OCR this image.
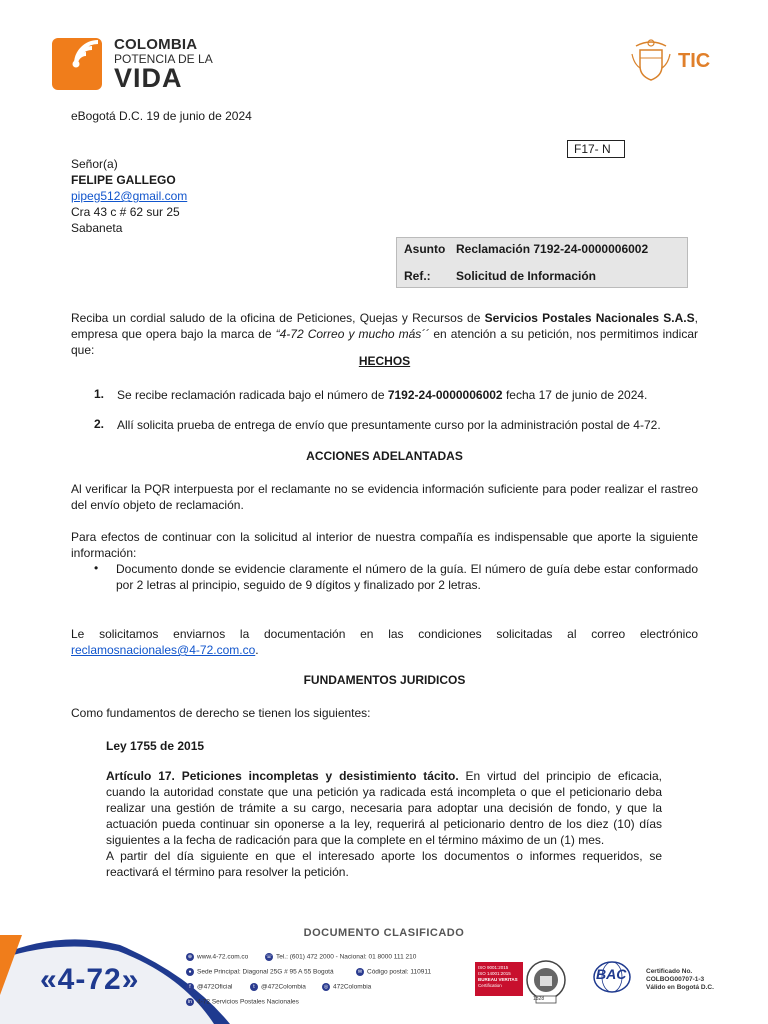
COLOMBIA
POTENCIA DE LA
VIDA
TIC
eBogotá D.C. 19 de junio de 2024
F17- N
Señor(a)
FELIPE GALLEGO
pipeg512@gmail.com
Cra 43 c # 62 sur 25
Sabaneta
Asunto Reclamación 7192-24-0000006002
Ref.: Solicitud de Información
Reciba un cordial saludo de la oficina de Peticiones, Quejas y Recursos de Servicios Postales Nacionales S.A.S, empresa que opera bajo la marca de “4-72 Correo y mucho más´´ en atención a su petición, nos permitimos indicar que:
HECHOS
1. Se recibe reclamación radicada bajo el número de 7192-24-0000006002 fecha 17 de junio de 2024.
2. Allí solicita prueba de entrega de envío que presuntamente curso por la administración postal de 4-72.
ACCIONES ADELANTADAS
Al verificar la PQR interpuesta por el reclamante no se evidencia información suficiente para poder realizar el rastreo del envío objeto de reclamación.
Para efectos de continuar con la solicitud al interior de nuestra compañía es indispensable que aporte la siguiente información:
• Documento donde se evidencie claramente el número de la guía. El número de guía debe estar conformado por 2 letras al principio, seguido de 9 dígitos y finalizado por 2 letras.
Le solicitamos enviarnos la documentación en las condiciones solicitadas al correo electrónico reclamosnacionales@4-72.com.co.
FUNDAMENTOS JURIDICOS
Como fundamentos de derecho se tienen los siguientes:
Ley 1755 de 2015
Artículo 17. Peticiones incompletas y desistimiento tácito. En virtud del principio de eficacia, cuando la autoridad constate que una petición ya radicada está incompleta o que el peticionario deba realizar una gestión de trámite a su cargo, necesaria para adoptar una decisión de fondo, y que la actuación pueda continuar sin oponerse a la ley, requerirá al peticionario dentro de los diez (10) días siguientes a la fecha de radicación para que la complete en el término máximo de un (1) mes.
A partir del día siguiente en que el interesado aporte los documentos o informes requeridos, se reactivará el término para resolver la petición.
DOCUMENTO CLASIFICADO
«4-72»
⊕ www.4-72.com.co	☏ Tel.: (601) 472 2000 - Nacional: 01 8000 111 210
● Sede Principal: Diagonal 25G # 95 A 55 Bogotá	✉ Código postal: 110911
f @472Oficial	t @472Colombia	◎ 472Colombia
in 4-72 Servicios Postales Nacionales
ISO 9001:2015
ISO 14001:2015
BUREAU VERITAS
Certification
1828
BAC	Certificado No.
COLBOG00707-1-3
Válido en Bogotá D.C.
